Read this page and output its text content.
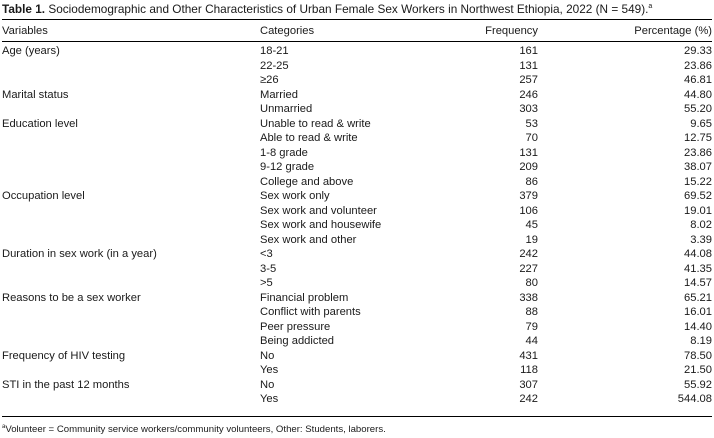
Table 1. Sociodemographic and Other Characteristics of Urban Female Sex Workers in Northwest Ethiopia, 2022 (N = 549).$^a$
Variables	Categories	Frequency	Percentage (%)
Age (years)	18-21	161	29.33
	22-25	131	23.86
	≥26	257	46.81
Marital status	Married	246	44.80
	Unmarried	303	55.20
Education level	Unable to read & write	53	9.65
	Able to read & write	70	12.75
	1-8 grade	131	23.86
	9-12 grade	209	38.07
	College and above	86	15.22
Occupation level	Sex work only	379	69.52
	Sex work and volunteer	106	19.01
	Sex work and housewife	45	8.02
	Sex work and other	19	3.39
Duration in sex work (in a year)	<3	242	44.08
	3-5	227	41.35
	>5	80	14.57
Reasons to be a sex worker	Financial problem	338	65.21
	Conflict with parents	88	16.01
	Peer pressure	79	14.40
	Being addicted	44	8.19
Frequency of HIV testing	No	431	78.50
	Yes	118	21.50
STI in the past 12 months	No	307	55.92
	Yes	242	544.08
$^a$Volunteer = Community service workers/community volunteers, Other: Students, laborers.
